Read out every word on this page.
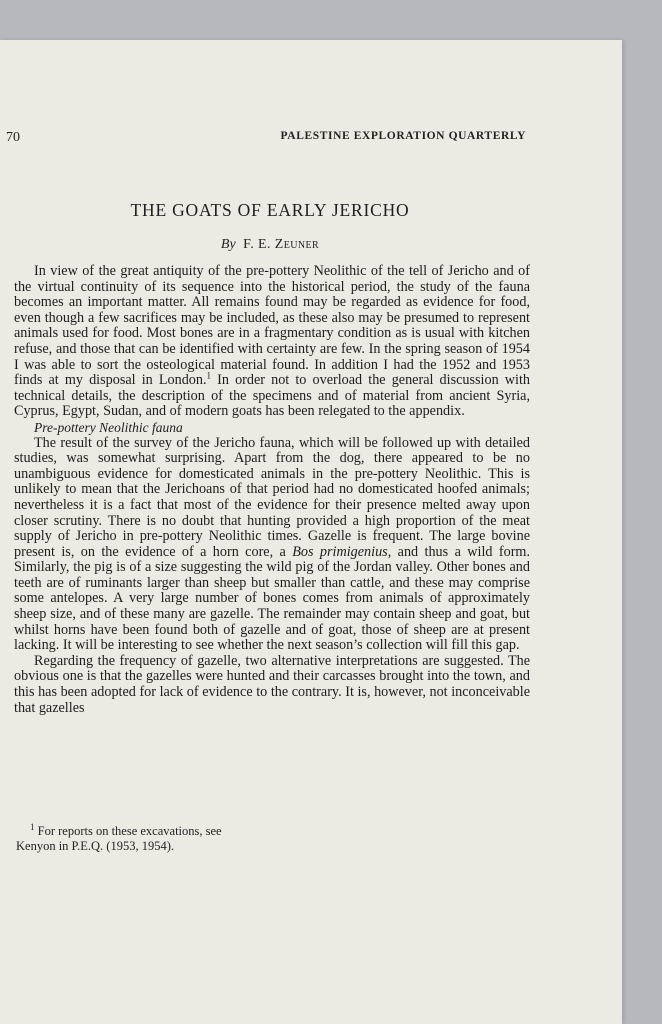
70	PALESTINE EXPLORATION QUARTERLY
THE GOATS OF EARLY JERICHO
By F. E. Zeuner

In view of the great antiquity of the pre-pottery Neolithic of the tell of Jericho and of the virtual continuity of its sequence into the historical period, the study of the fauna becomes an important matter. All remains found may be regarded as evidence for food, even though a few sacrifices may be included, as these also may be presumed to represent animals used for food. Most bones are in a fragmentary condition as is usual with kitchen refuse, and those that can be identified with certainty are few. In the spring season of 1954 I was able to sort the osteological material found. In addition I had the 1952 and 1953 finds at my disposal in London.$^1$ In order not to overload the general discussion with technical details, the description of the specimens and of material from ancient Syria, Cyprus, Egypt, Sudan, and of modern goats has been relegated to the appendix.

Pre-pottery Neolithic fauna

The result of the survey of the Jericho fauna, which will be followed up with detailed studies, was somewhat surprising. Apart from the dog, there appeared to be no unambiguous evidence for domesticated animals in the pre-pottery Neolithic. This is unlikely to mean that the Jerichoans of that period had no domesticated hoofed animals; nevertheless it is a fact that most of the evidence for their presence melted away upon closer scrutiny. There is no doubt that hunting provided a high proportion of the meat supply of Jericho in pre-pottery Neolithic times. Gazelle is frequent. The large bovine present is, on the evidence of a horn core, a Bos primigenius, and thus a wild form. Similarly, the pig is of a size suggesting the wild pig of the Jordan valley. Other bones and teeth are of ruminants larger than sheep but smaller than cattle, and these may comprise some antelopes. A very large number of bones comes from animals of approximately sheep size, and of these many are gazelle. The remainder may contain sheep and goat, but whilst horns have been found both of gazelle and of goat, those of sheep are at present lacking. It will be interesting to see whether the next season’s collection will fill this gap.

Regarding the frequency of gazelle, two alternative interpretations are suggested. The obvious one is that the gazelles were hunted and their carcasses brought into the town, and this has been adopted for lack of evidence to the contrary. It is, however, not inconceivable that gazelles

$^1$ For reports on these excavations, see
Kenyon in P.E.Q. (1953, 1954).
